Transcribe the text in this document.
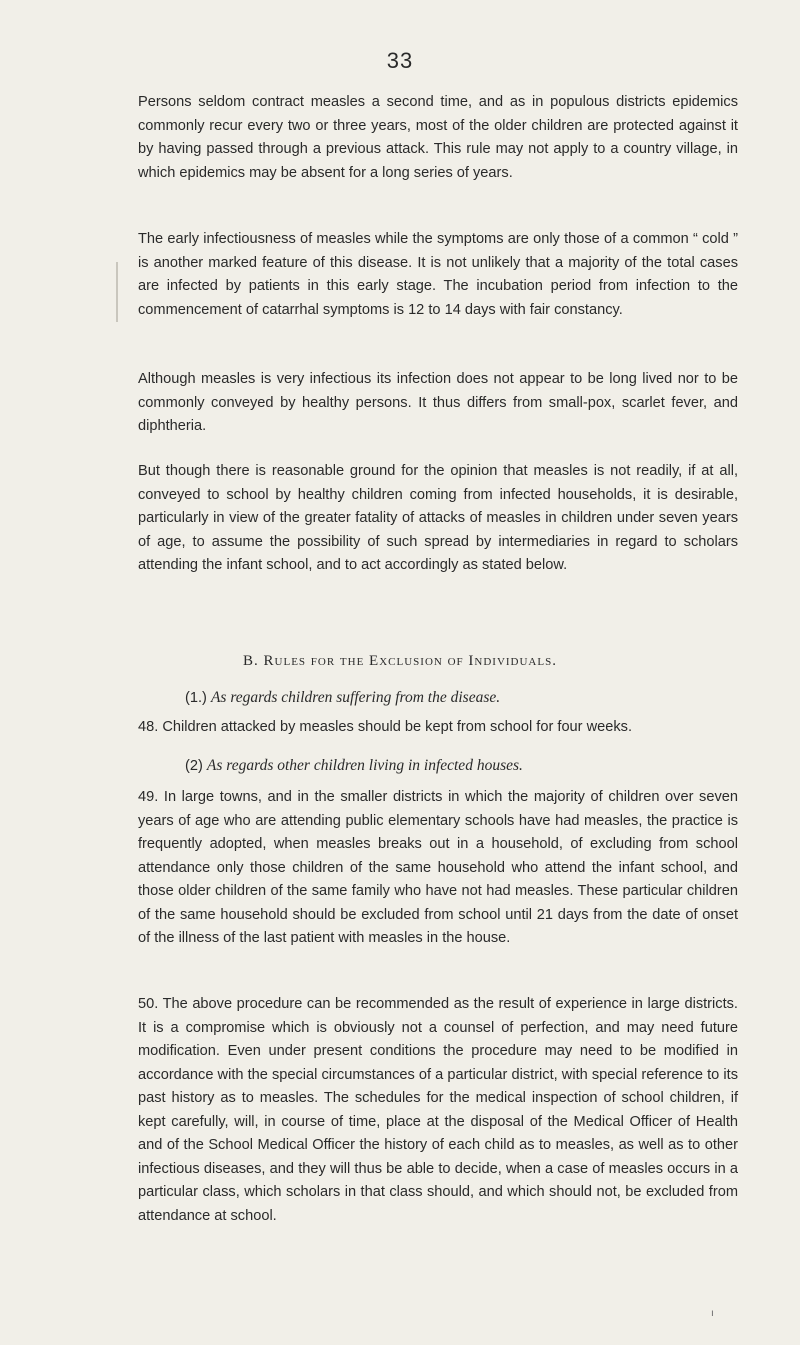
33

Persons seldom contract measles a second time, and as in populous districts epidemics commonly recur every two or three years, most of the older children are protected against it by having passed through a previous attack. This rule may not apply to a country village, in which epidemics may be absent for a long series of years.

The early infectiousness of measles while the symptoms are only those of a common “ cold ” is another marked feature of this disease. It is not unlikely that a majority of the total cases are infected by patients in this early stage. The incubation period from infection to the commencement of catarrhal symptoms is 12 to 14 days with fair constancy.

Although measles is very infectious its infection does not appear to be long lived nor to be commonly conveyed by healthy persons. It thus differs from small-pox, scarlet fever, and diphtheria.

But though there is reasonable ground for the opinion that measles is not readily, if at all, conveyed to school by healthy children coming from infected households, it is desirable, particularly in view of the greater fatality of attacks of measles in children under seven years of age, to assume the possibility of such spread by intermediaries in regard to scholars attending the infant school, and to act accordingly as stated below.

B. Rules for the Exclusion of Individuals.
(1.) As regards children suffering from the disease.

48. Children attacked by measles should be kept from school for four weeks.

(2) As regards other children living in infected houses.

49. In large towns, and in the smaller districts in which the majority of children over seven years of age who are attending public elementary schools have had measles, the practice is frequently adopted, when measles breaks out in a household, of excluding from school attendance only those children of the same household who attend the infant school, and those older children of the same family who have not had measles. These particular children of the same household should be excluded from school until 21 days from the date of onset of the illness of the last patient with measles in the house.

50. The above procedure can be recommended as the result of experience in large districts. It is a compromise which is obviously not a counsel of perfection, and may need future modification. Even under present conditions the procedure may need to be modified in accordance with the special circumstances of a particular district, with special reference to its past history as to measles. The schedules for the medical inspection of school children, if kept carefully, will, in course of time, place at the disposal of the Medical Officer of Health and of the School Medical Officer the history of each child as to measles, as well as to other infectious diseases, and they will thus be able to decide, when a case of measles occurs in a particular class, which scholars in that class should, and which should not, be excluded from attendance at school.

ı
